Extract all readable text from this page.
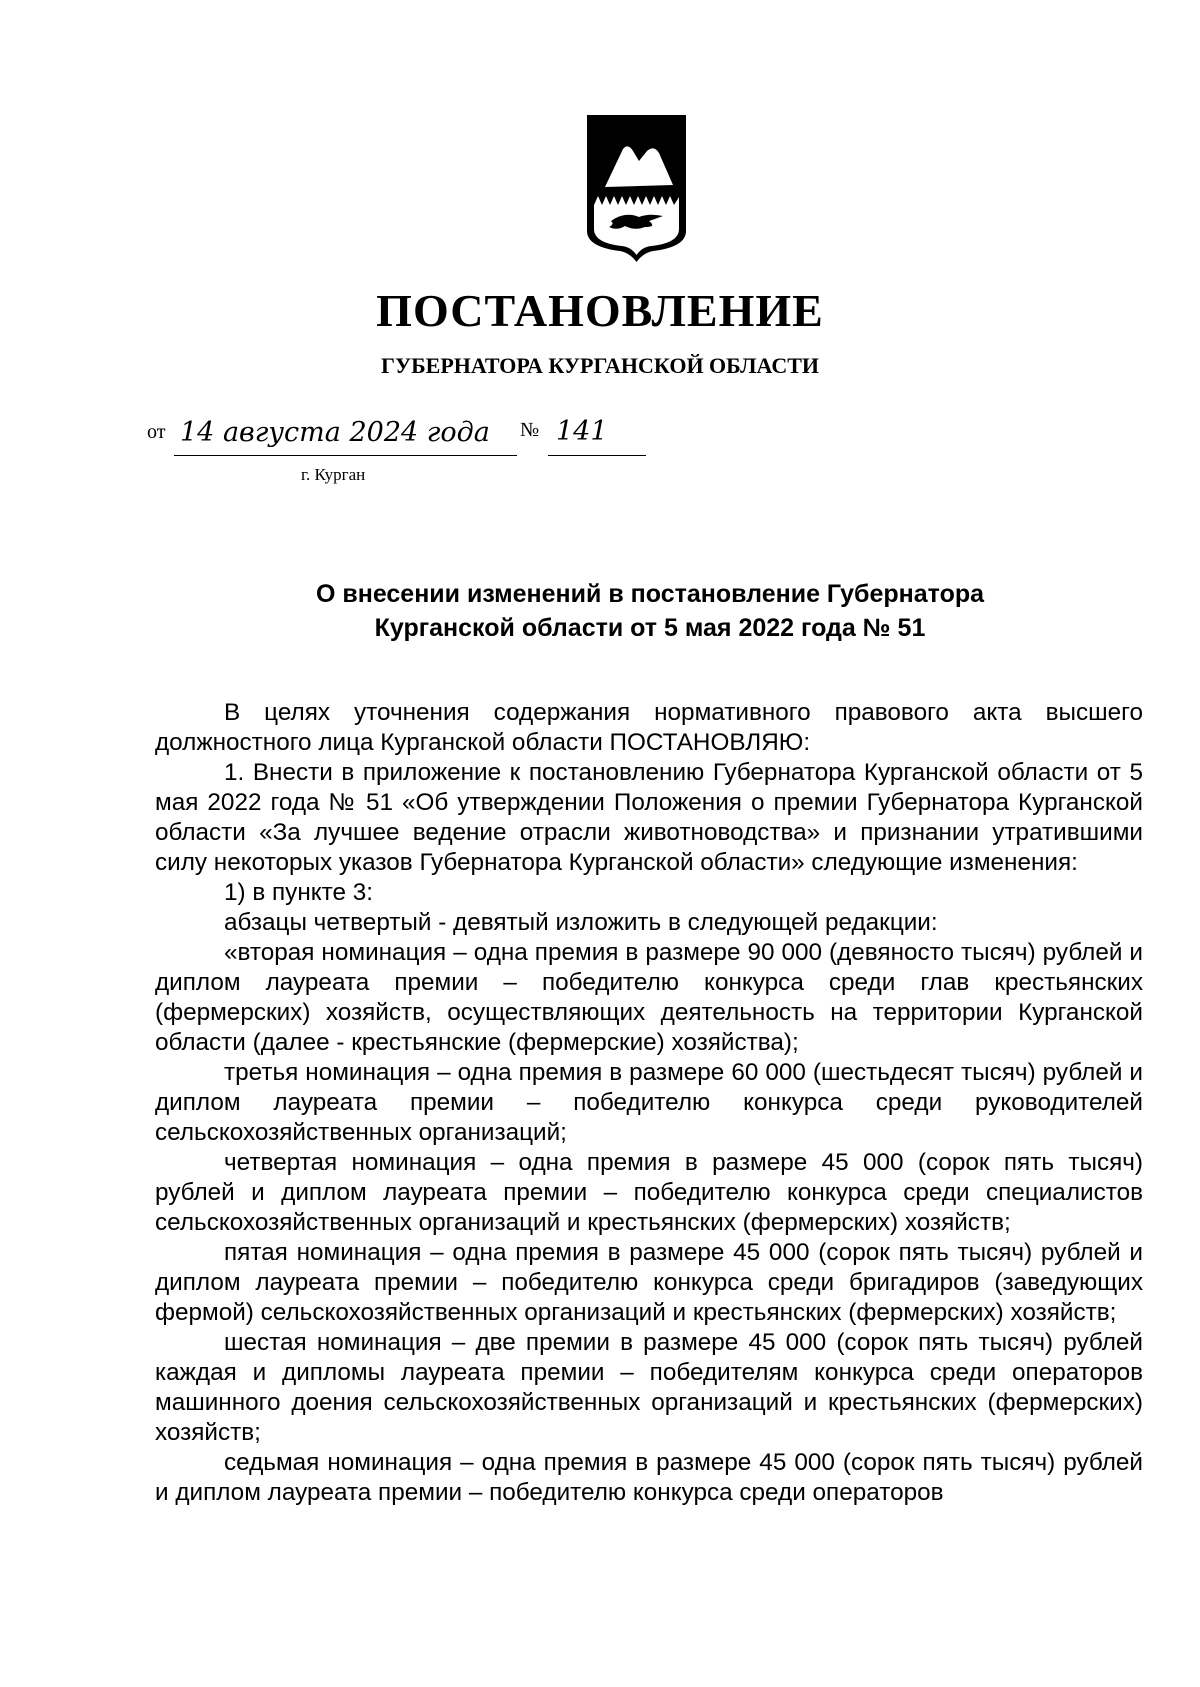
ПОСТАНОВЛЕНИЕ
ГУБЕРНАТОРА КУРГАНСКОЙ ОБЛАСТИ
от 14 августа 2024 года № 141
г. Курган
О внесении изменений в постановление Губернатора
Курганской области от 5 мая 2022 года № 51

В целях уточнения содержания нормативного правового акта высшего должностного лица Курганской области ПОСТАНОВЛЯЮ:

1. Внести в приложение к постановлению Губернатора Курганской области от 5 мая 2022 года № 51 «Об утверждении Положения о премии Губернатора Курганской области «За лучшее ведение отрасли животноводства» и признании утратившими силу некоторых указов Губернатора Курганской области» следующие изменения:

1) в пункте 3:

абзацы четвертый - девятый изложить в следующей редакции:

«вторая номинация – одна премия в размере 90 000 (девяносто тысяч) рублей и диплом лауреата премии – победителю конкурса среди глав крестьянских (фермерских) хозяйств, осуществляющих деятельность на территории Курганской области (далее - крестьянские (фермерские) хозяйства);

третья номинация – одна премия в размере 60 000 (шестьдесят тысяч) рублей и диплом лауреата премии – победителю конкурса среди руководителей сельскохозяйственных организаций;

четвертая номинация – одна премия в размере 45 000 (сорок пять тысяч) рублей и диплом лауреата премии – победителю конкурса среди специалистов сельскохозяйственных организаций и крестьянских (фермерских) хозяйств;

пятая номинация – одна премия в размере 45 000 (сорок пять тысяч) рублей и диплом лауреата премии – победителю конкурса среди бригадиров (заведующих фермой) сельскохозяйственных организаций и крестьянских (фермерских) хозяйств;

шестая номинация – две премии в размере 45 000 (сорок пять тысяч) рублей каждая и дипломы лауреата премии – победителям конкурса среди операторов машинного доения сельскохозяйственных организаций и крестьянских (фермерских) хозяйств;

седьмая номинация – одна премия в размере 45 000 (сорок пять тысяч) рублей и диплом лауреата премии – победителю конкурса среди операторов
